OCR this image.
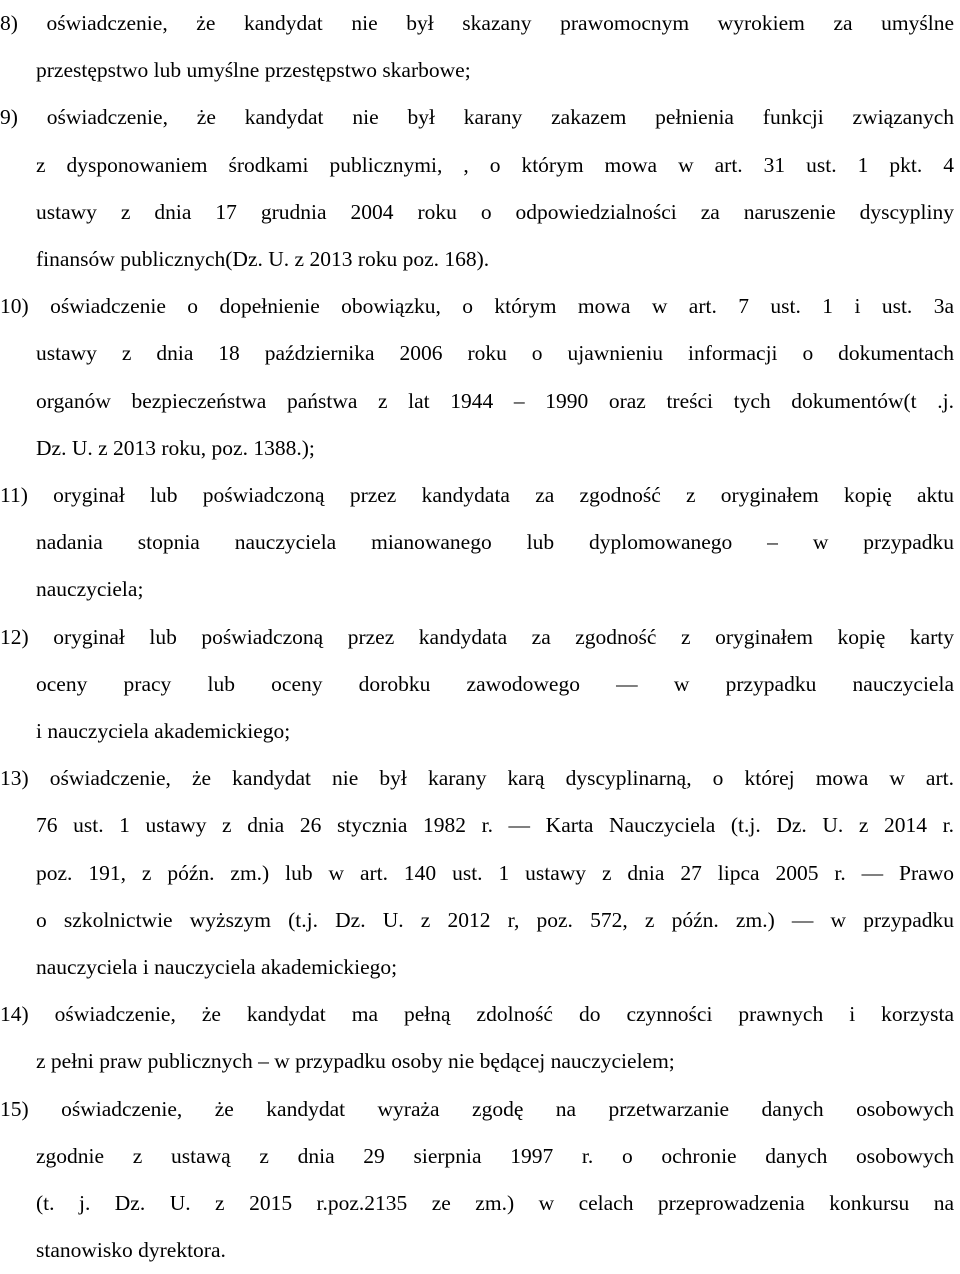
8) oświadczenie, że kandydat nie był skazany prawomocnym wyrokiem za umyślne
przestępstwo lub umyślne przestępstwo skarbowe;
9) oświadczenie, że kandydat nie był karany zakazem pełnienia funkcji związanych
z dysponowaniem środkami publicznymi, , o którym mowa w art. 31 ust. 1 pkt. 4
ustawy z dnia 17 grudnia 2004 roku o odpowiedzialności za naruszenie dyscypliny
finansów publicznych(Dz. U. z 2013 roku poz. 168).
10) oświadczenie o dopełnienie obowiązku, o którym mowa w art. 7 ust. 1 i ust. 3a
ustawy z dnia 18 października 2006 roku o ujawnieniu informacji o dokumentach
organów bezpieczeństwa państwa z lat 1944 – 1990 oraz treści tych dokumentów(t .j.
Dz. U. z 2013 roku, poz. 1388.);
11) oryginał lub poświadczoną przez kandydata za zgodność z oryginałem kopię aktu
nadania stopnia nauczyciela mianowanego lub dyplomowanego – w przypadku
nauczyciela;
12) oryginał lub poświadczoną przez kandydata za zgodność z oryginałem kopię karty
oceny pracy lub oceny dorobku zawodowego — w przypadku nauczyciela
i nauczyciela akademickiego;
13) oświadczenie, że kandydat nie był karany karą dyscyplinarną, o której mowa w art.
76 ust. 1 ustawy z dnia 26 stycznia 1982 r. — Karta Nauczyciela (t.j. Dz. U. z 2014 r.
poz. 191, z późn. zm.) lub w art. 140 ust. 1 ustawy z dnia 27 lipca 2005 r. — Prawo
o szkolnictwie wyższym (t.j. Dz. U. z 2012 r, poz. 572, z późn. zm.) — w przypadku
nauczyciela i nauczyciela akademickiego;
14) oświadczenie, że kandydat ma pełną zdolność do czynności prawnych i korzysta
z pełni praw publicznych – w przypadku osoby nie będącej nauczycielem;
15) oświadczenie, że kandydat wyraża zgodę na przetwarzanie danych osobowych
zgodnie z ustawą z dnia 29 sierpnia 1997 r. o ochronie danych osobowych
(t. j. Dz. U. z 2015 r.poz.2135 ze zm.) w celach przeprowadzenia konkursu na
stanowisko dyrektora.
